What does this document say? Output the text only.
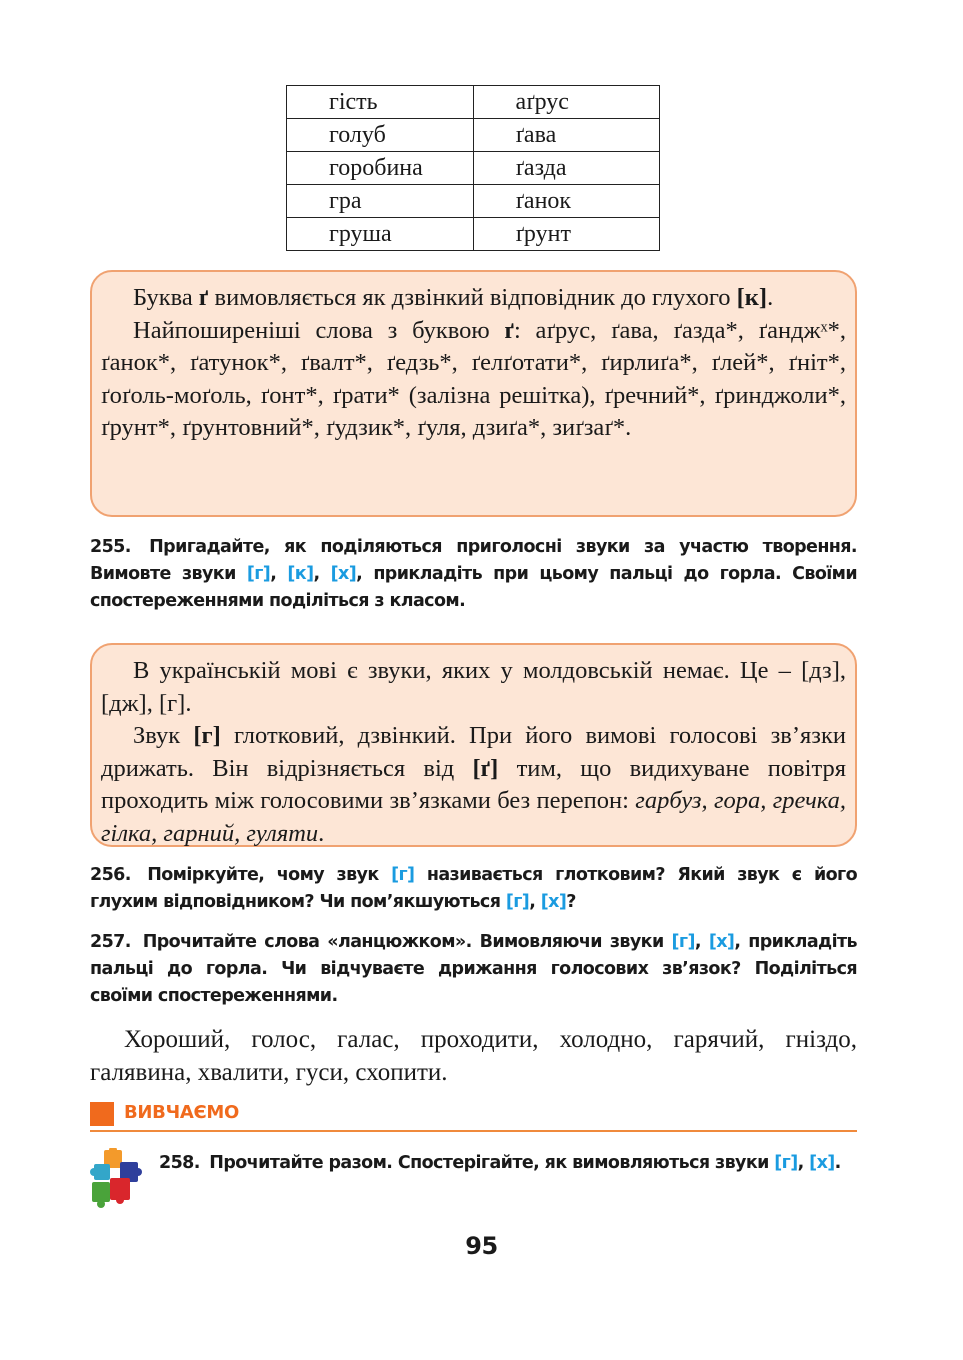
гість	аґрус
голуб	ґава
горобина	ґазда
гра	ґанок
груша	ґрунт

Буква ґ вимовляється як дзвінкий відповідник до глухого [к].

Найпоширеніші слова з буквою ґ: аґрус, ґава, ґазда*, ґанджˣ*, ґанок*, ґатунок*, ґвалт*, ґедзь*, ґелґотати*, ґирлиґа*, ґлей*, ґніт*, ґоґоль-моґоль, ґонт*, ґрати* (залізна решітка), ґречний*, ґринджоли*, ґрунт*, ґрунтовний*, ґудзик*, ґуля, дзиґа*, зиґзаґ*.

255. Пригадайте, як поділяються приголосні звуки за участю творення. Вимовте звуки [г], [к], [х], прикладіть при цьому пальці до горла. Своїми спостереженнями поділіться з класом.

В українській мові є звуки, яких у молдовській немає. Це – [дз], [дж], [г].

Звук [г] глотковий, дзвінкий. При його вимові голосові зв’язки дрижать. Він відрізняється від [ґ] тим, що видихуване повітря проходить між голосовими зв’язками без перепон: гарбуз, гора, гречка, гілка, гарний, гуляти.

256. Поміркуйте, чому звук [г] називається глотковим? Який звук є його глухим відповідником? Чи пом’якшуються [г], [х]?

257. Прочитайте слова «ланцюжком». Вимовляючи звуки [г], [х], прикладіть пальці до горла. Чи відчуваєте дрижання голосових зв’язок? Поділіться своїми спостереженнями.

Хороший, голос, галас, проходити, холодно, гарячий, гніздо, галявина, хвалити, гуси, схопити.

ВИВЧАЄМО

258. Прочитайте разом. Спостерігайте, як вимовляються звуки [г], [х].

95
